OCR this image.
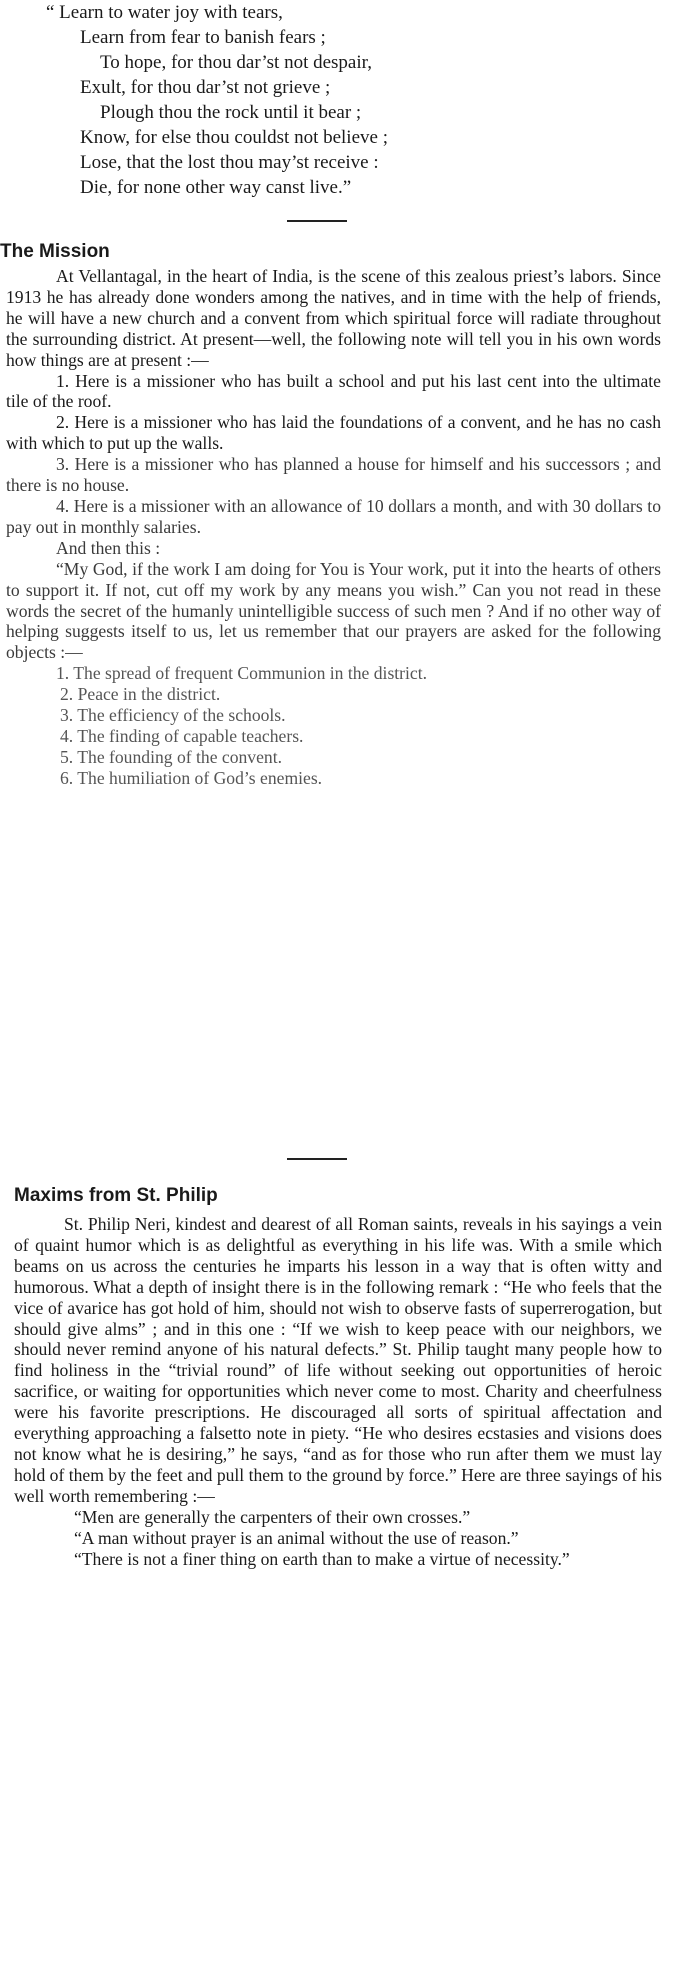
“ Learn to water joy with tears,
Learn from fear to banish fears ;
To hope, for thou dar’st not despair,
Exult, for thou dar’st not grieve ;
Plough thou the rock until it bear ;
Know, for else thou couldst not believe ;
Lose, that the lost thou may’st receive :
Die, for none other way canst live.”
The Mission

At Vellantagal, in the heart of India, is the scene of this zealous priest’s labors. Since 1913 he has already done wonders among the natives, and in time with the help of friends, he will have a new church and a convent from which spiritual force will radiate throughout the surrounding district. At present—well, the following note will tell you in his own words how things are at present :—

1. Here is a missioner who has built a school and put his last cent into the ultimate tile of the roof.

2. Here is a missioner who has laid the foundations of a convent, and he has no cash with which to put up the walls.

3. Here is a missioner who has planned a house for himself and his successors ; and there is no house.

4. Here is a missioner with an allowance of 10 dollars a month, and with 30 dollars to pay out in monthly salaries.

And then this :

“My God, if the work I am doing for You is Your work, put it into the hearts of others to support it. If not, cut off my work by any means you wish.” Can you not read in these words the secret of the humanly unintelligible success of such men ? And if no other way of helping suggests itself to us, let us remember that our prayers are asked for the following objects :—

1. The spread of frequent Communion in the district.

2. Peace in the district.
3. The efficiency of the schools.
4. The finding of capable teachers.
5. The founding of the convent.
6. The humiliation of God’s enemies.
Maxims from St. Philip

St. Philip Neri, kindest and dearest of all Roman saints, reveals in his sayings a vein of quaint humor which is as delightful as everything in his life was. With a smile which beams on us across the centuries he imparts his lesson in a way that is often witty and humorous. What a depth of insight there is in the following remark : “He who feels that the vice of avarice has got hold of him, should not wish to observe fasts of superrerogation, but should give alms” ; and in this one : “If we wish to keep peace with our neighbors, we should never remind anyone of his natural defects.” St. Philip taught many people how to find holiness in the “trivial round” of life without seeking out opportunities of heroic sacrifice, or waiting for opportunities which never come to most. Charity and cheerfulness were his favorite prescriptions. He discouraged all sorts of spiritual affectation and everything approaching a falsetto note in piety. “He who desires ecstasies and visions does not know what he is desiring,” he says, “and as for those who run after them we must lay hold of them by the feet and pull them to the ground by force.” Here are three sayings of his well worth remembering :—

“Men are generally the carpenters of their own crosses.”

“A man without prayer is an animal without the use of reason.”

“There is not a finer thing on earth than to make a virtue of necessity.”
